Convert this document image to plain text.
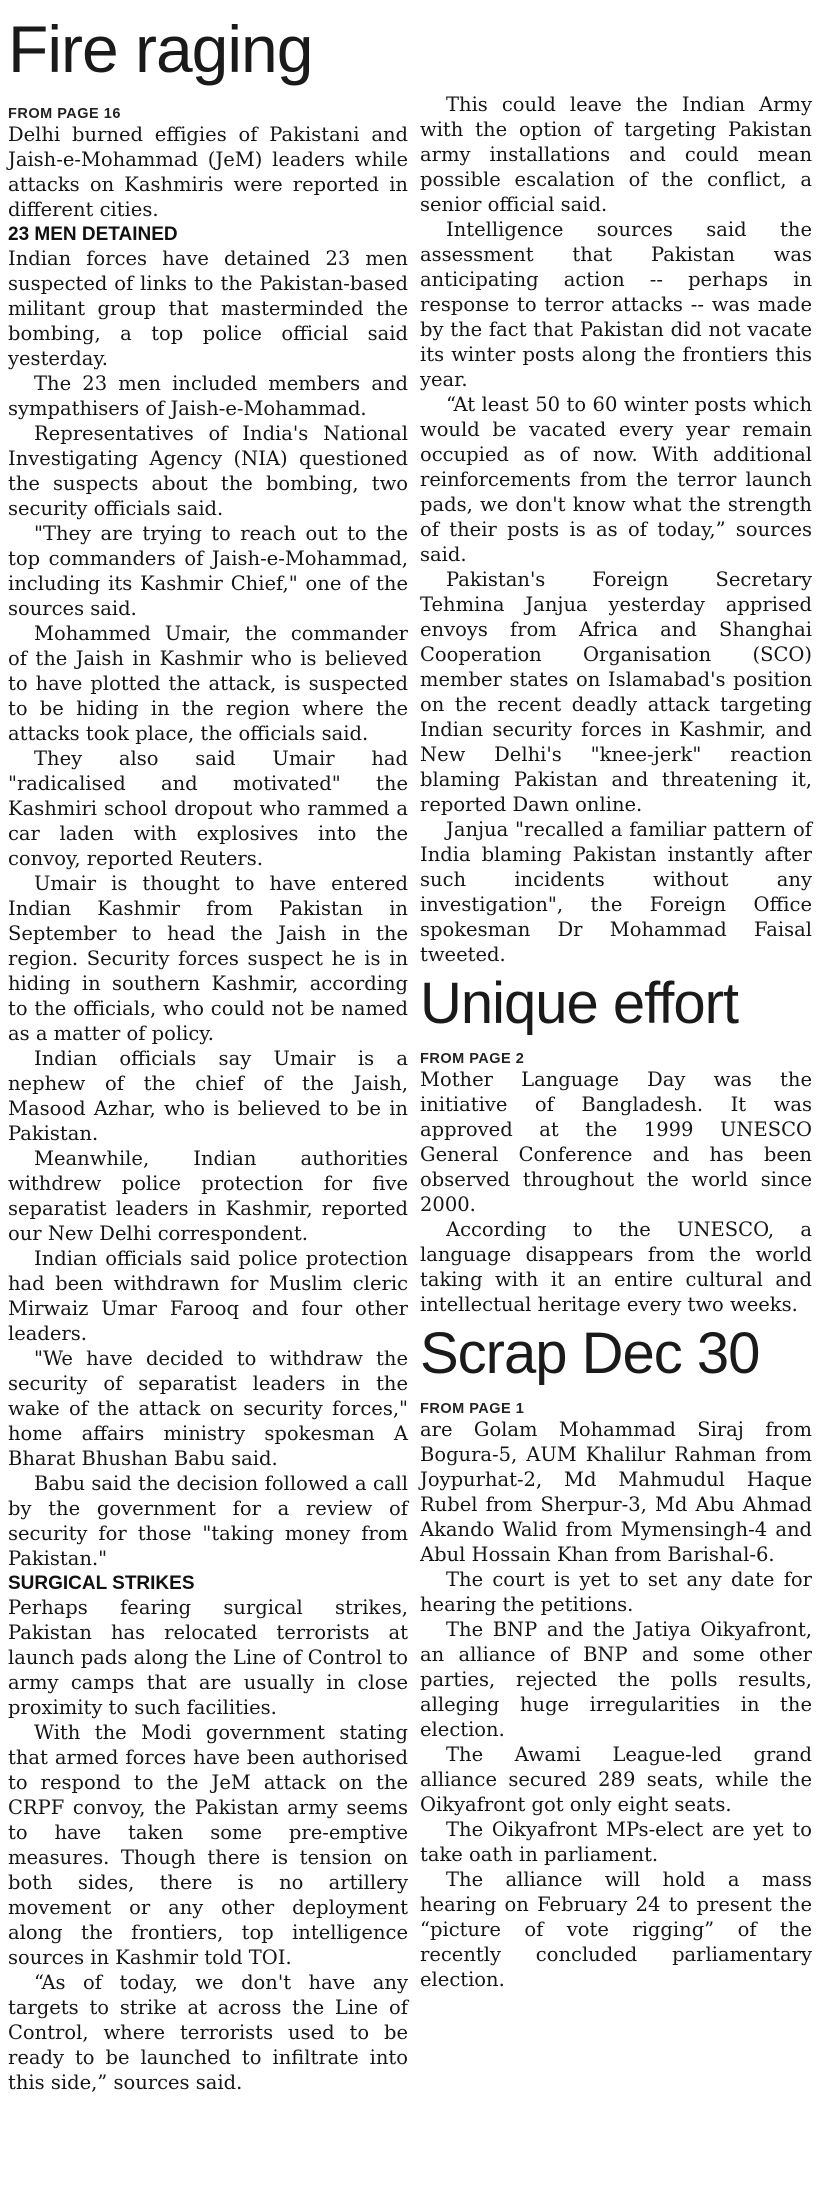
Fire raging
FROM PAGE 16

Delhi burned effigies of Pakistani and Jaish-e-Mohammad (JeM) leaders while attacks on Kashmiris were reported in different cities.

23 MEN DETAINED

Indian forces have detained 23 men suspected of links to the Pakistan-based militant group that masterminded the bombing, a top police official said yesterday.

The 23 men included members and sympathisers of Jaish-e-Mohammad.

Representatives of India's National Investigating Agency (NIA) questioned the suspects about the bombing, two security officials said.

"They are trying to reach out to the top commanders of Jaish-e-Mohammad, including its Kashmir Chief," one of the sources said.

Mohammed Umair, the commander of the Jaish in Kashmir who is believed to have plotted the attack, is suspected to be hiding in the region where the attacks took place, the officials said.

They also said Umair had "radicalised and motivated" the Kashmiri school dropout who rammed a car laden with explosives into the convoy, reported Reuters.

Umair is thought to have entered Indian Kashmir from Pakistan in September to head the Jaish in the region. Security forces suspect he is in hiding in southern Kashmir, according to the officials, who could not be named as a matter of policy.

Indian officials say Umair is a nephew of the chief of the Jaish, Masood Azhar, who is believed to be in Pakistan.

Meanwhile, Indian authorities withdrew police protection for five separatist leaders in Kashmir, reported our New Delhi correspondent.

Indian officials said police protection had been withdrawn for Muslim cleric Mirwaiz Umar Farooq and four other leaders.

"We have decided to withdraw the security of separatist leaders in the wake of the attack on security forces," home affairs ministry spokesman A Bharat Bhushan Babu said.

Babu said the decision followed a call by the government for a review of security for those "taking money from Pakistan."

SURGICAL STRIKES

Perhaps fearing surgical strikes, Pakistan has relocated terrorists at launch pads along the Line of Control to army camps that are usually in close proximity to such facilities.

With the Modi government stating that armed forces have been authorised to respond to the JeM attack on the CRPF convoy, the Pakistan army seems to have taken some pre-emptive measures. Though there is tension on both sides, there is no artillery movement or any other deployment along the frontiers, top intelligence sources in Kashmir told TOI.

“As of today, we don't have any targets to strike at across the Line of Control, where terrorists used to be ready to be launched to infiltrate into this side,” sources said.

This could leave the Indian Army with the option of targeting Pakistan army installations and could mean possible escalation of the conflict, a senior official said.

Intelligence sources said the assessment that Pakistan was anticipating action -- perhaps in response to terror attacks -- was made by the fact that Pakistan did not vacate its winter posts along the frontiers this year.

“At least 50 to 60 winter posts which would be vacated every year remain occupied as of now. With additional reinforcements from the terror launch pads, we don't know what the strength of their posts is as of today,” sources said.

Pakistan's Foreign Secretary Tehmina Janjua yesterday apprised envoys from Africa and Shanghai Cooperation Organisation (SCO) member states on Islamabad's position on the recent deadly attack targeting Indian security forces in Kashmir, and New Delhi's "knee-jerk" reaction blaming Pakistan and threatening it, reported Dawn online.

Janjua "recalled a familiar pattern of India blaming Pakistan instantly after such incidents without any investigation", the Foreign Office spokesman Dr Mohammad Faisal tweeted.

Unique effort
FROM PAGE 2

Mother Language Day was the initiative of Bangladesh. It was approved at the 1999 UNESCO General Conference and has been observed throughout the world since 2000.

According to the UNESCO, a language disappears from the world taking with it an entire cultural and intellectual heritage every two weeks.

Scrap Dec 30
FROM PAGE 1

are Golam Mohammad Siraj from Bogura-5, AUM Khalilur Rahman from Joypurhat-2, Md Mahmudul Haque Rubel from Sherpur-3, Md Abu Ahmad Akando Walid from Mymensingh-4 and Abul Hossain Khan from Barishal-6.

The court is yet to set any date for hearing the petitions.

The BNP and the Jatiya Oikyafront, an alliance of BNP and some other parties, rejected the polls results, alleging huge irregularities in the election.

The Awami League-led grand alliance secured 289 seats, while the Oikyafront got only eight seats.

The Oikyafront MPs-elect are yet to take oath in parliament.

The alliance will hold a mass hearing on February 24 to present the “picture of vote rigging” of the recently concluded parliamentary election.
